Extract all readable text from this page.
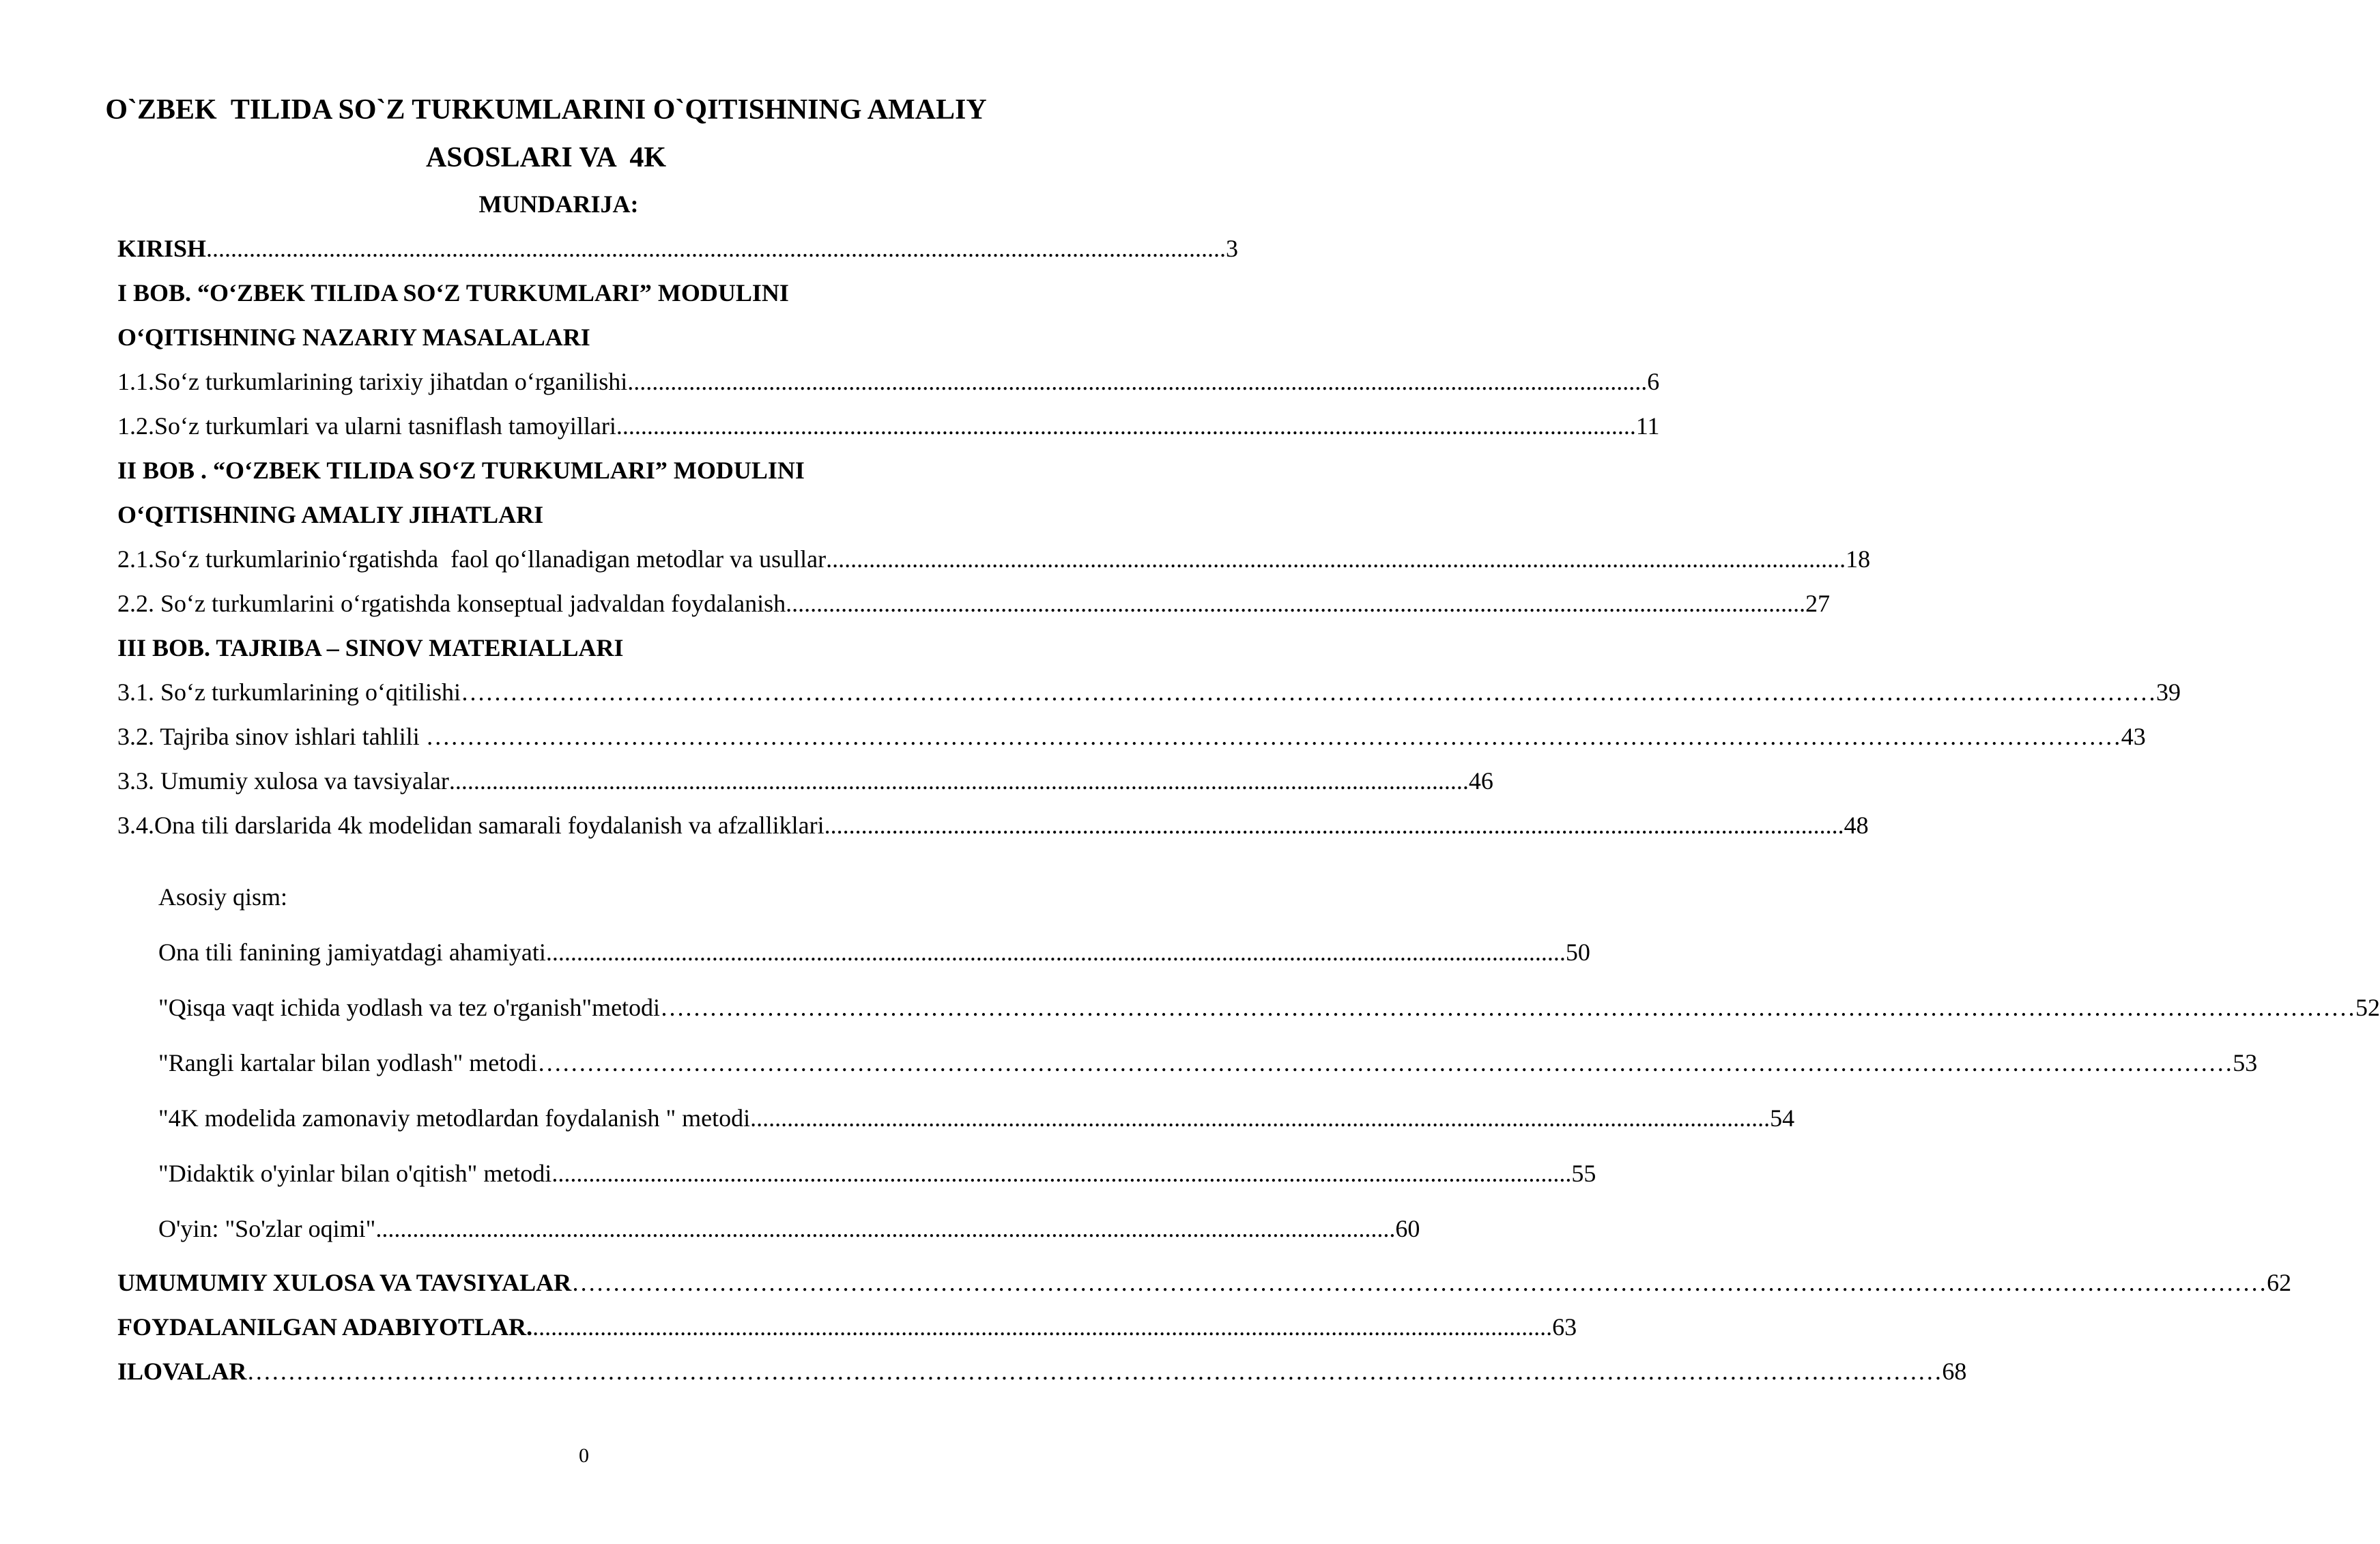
O`ZBEK  TILIDA SO`Z TURKUMLARINI O`QITISHNING AMALIY
ASOSLARI VA  4K
MUNDARIJA:
KIRISH ...................................................................................................................................................................... 3
I BOB. “O‘ZBEK TILIDA SO‘Z TURKUMLARI” MODULINI
O‘QITISHNING NAZARIY MASALALARI
1.1.So‘z turkumlarining tarixiy jihatdan o‘rganilishi ...................................................................................................................................................................... 6
1.2.So‘z turkumlari va ularni tasniflash tamoyillari ...................................................................................................................................................................... 11
II BOB . “O‘ZBEK TILIDA SO‘Z TURKUMLARI” MODULINI
O‘QITISHNING AMALIY JIHATLARI
2.1.So‘z turkumlarinio‘rgatishda  faol qo‘llanadigan metodlar va usullar ...................................................................................................................................................................... 18
2.2. So‘z turkumlarini o‘rgatishda konseptual jadvaldan foydalanish ...................................................................................................................................................................... 27
III BOB. TAJRIBA – SINOV MATERIALLARI
3.1. So‘z turkumlarining o‘qitilishi ……………………………………………………………………………………………………………………………………………………………………………………… 39
3.2. Tajriba sinov ishlari tahlili ……………………………………………………………………………………………………………………………………………………………………………………… 43
3.3. Umumiy xulosa va tavsiyalar ...................................................................................................................................................................... 46
3.4.Ona tili darslarida 4k modelidan samarali foydalanish va afzalliklari ...................................................................................................................................................................... 48
Asosiy qism:
Ona tili fanining jamiyatdagi ahamiyati ...................................................................................................................................................................... 50
"Qisqa vaqt ichida yodlash va tez o'rganish"metodi ……………………………………………………………………………………………………………………………………………………………………………………… 52
"Rangli kartalar bilan yodlash" metodi ……………………………………………………………………………………………………………………………………………………………………………………… 53
"4K modelida zamonaviy metodlardan foydalanish " metodi ...................................................................................................................................................................... 54
"Didaktik o'yinlar bilan o'qitish" metodi ...................................................................................................................................................................... 55
O'yin: "So'zlar oqimi" ...................................................................................................................................................................... 60
UMUMUMIY XULOSA VA TAVSIYALAR ……………………………………………………………………………………………………………………………………………………………………………………… 62
FOYDALANILGAN ADABIYOTLAR. ...................................................................................................................................................................... 63
ILOVALAR ……………………………………………………………………………………………………………………………………………………………………………………… 68
0
